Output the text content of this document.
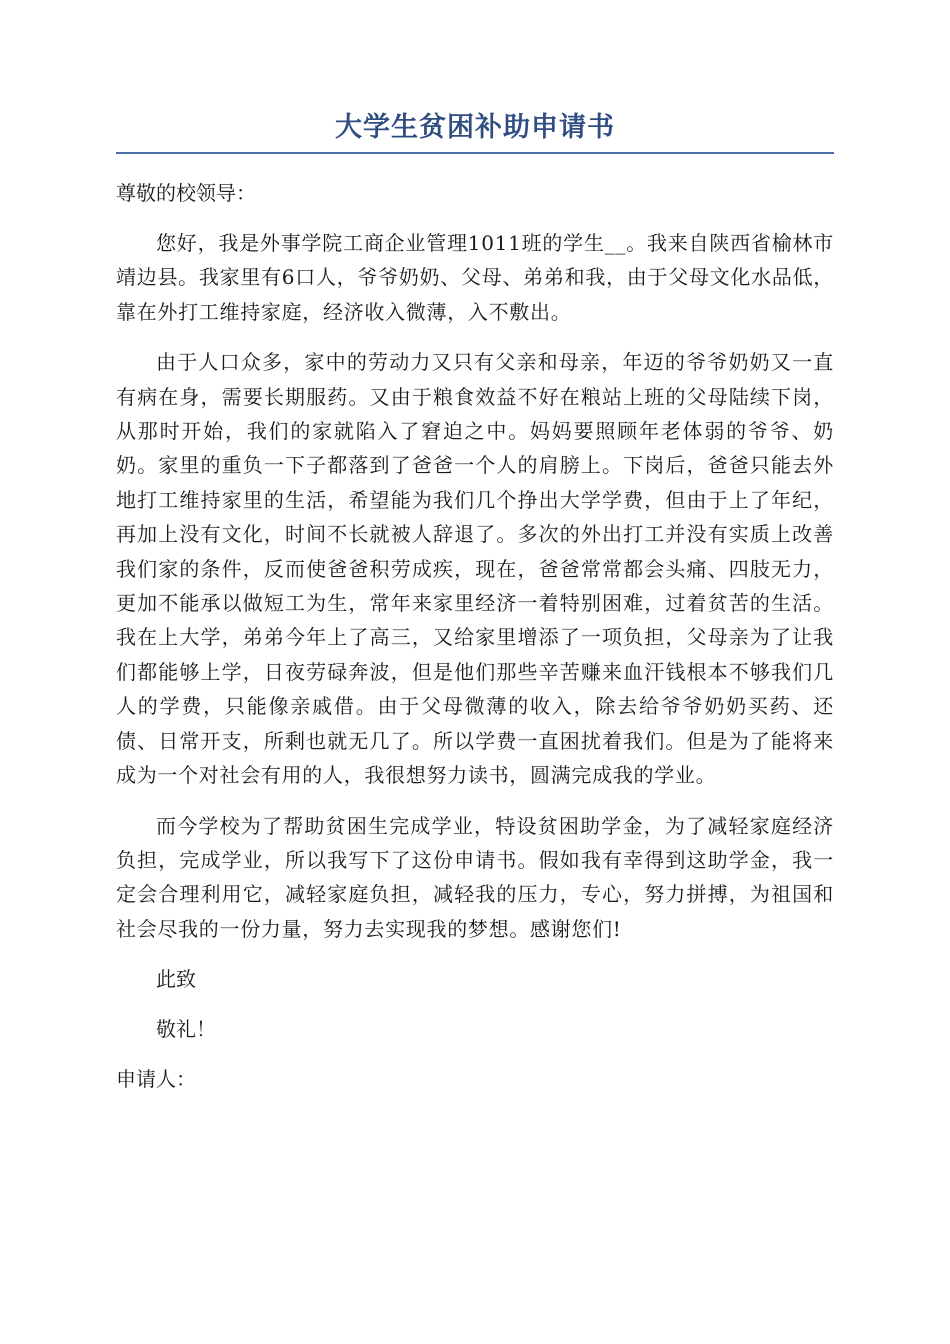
大学生贫困补助申请书

尊敬的校领导：

您好，我是外事学院工商企业管理1011班的学生__。我来自陕西省榆林市靖边县。我家里有6口人，爷爷奶奶、父母、弟弟和我，由于父母文化水品低，靠在外打工维持家庭，经济收入微薄，入不敷出。

由于人口众多，家中的劳动力又只有父亲和母亲，年迈的爷爷奶奶又一直有病在身，需要长期服药。又由于粮食效益不好在粮站上班的父母陆续下岗，从那时开始，我们的家就陷入了窘迫之中。妈妈要照顾年老体弱的爷爷、奶奶。家里的重负一下子都落到了爸爸一个人的肩膀上。下岗后，爸爸只能去外地打工维持家里的生活，希望能为我们几个挣出大学学费，但由于上了年纪，再加上没有文化，时间不长就被人辞退了。多次的外出打工并没有实质上改善我们家的条件，反而使爸爸积劳成疾，现在，爸爸常常都会头痛、四肢无力，更加不能承以做短工为生，常年来家里经济一着特别困难，过着贫苦的生活。我在上大学，弟弟今年上了高三，又给家里增添了一项负担，父母亲为了让我们都能够上学，日夜劳碌奔波，但是他们那些辛苦赚来血汗钱根本不够我们几人的学费，只能像亲戚借。由于父母微薄的收入，除去给爷爷奶奶买药、还债、日常开支，所剩也就无几了。所以学费一直困扰着我们。但是为了能将来成为一个对社会有用的人，我很想努力读书，圆满完成我的学业。

而今学校为了帮助贫困生完成学业，特设贫困助学金，为了减轻家庭经济负担，完成学业，所以我写下了这份申请书。假如我有幸得到这助学金，我一定会合理利用它，减轻家庭负担，减轻我的压力，专心，努力拼搏，为祖国和社会尽我的一份力量，努力去实现我的梦想。感谢您们!

此致

敬礼！

申请人：
